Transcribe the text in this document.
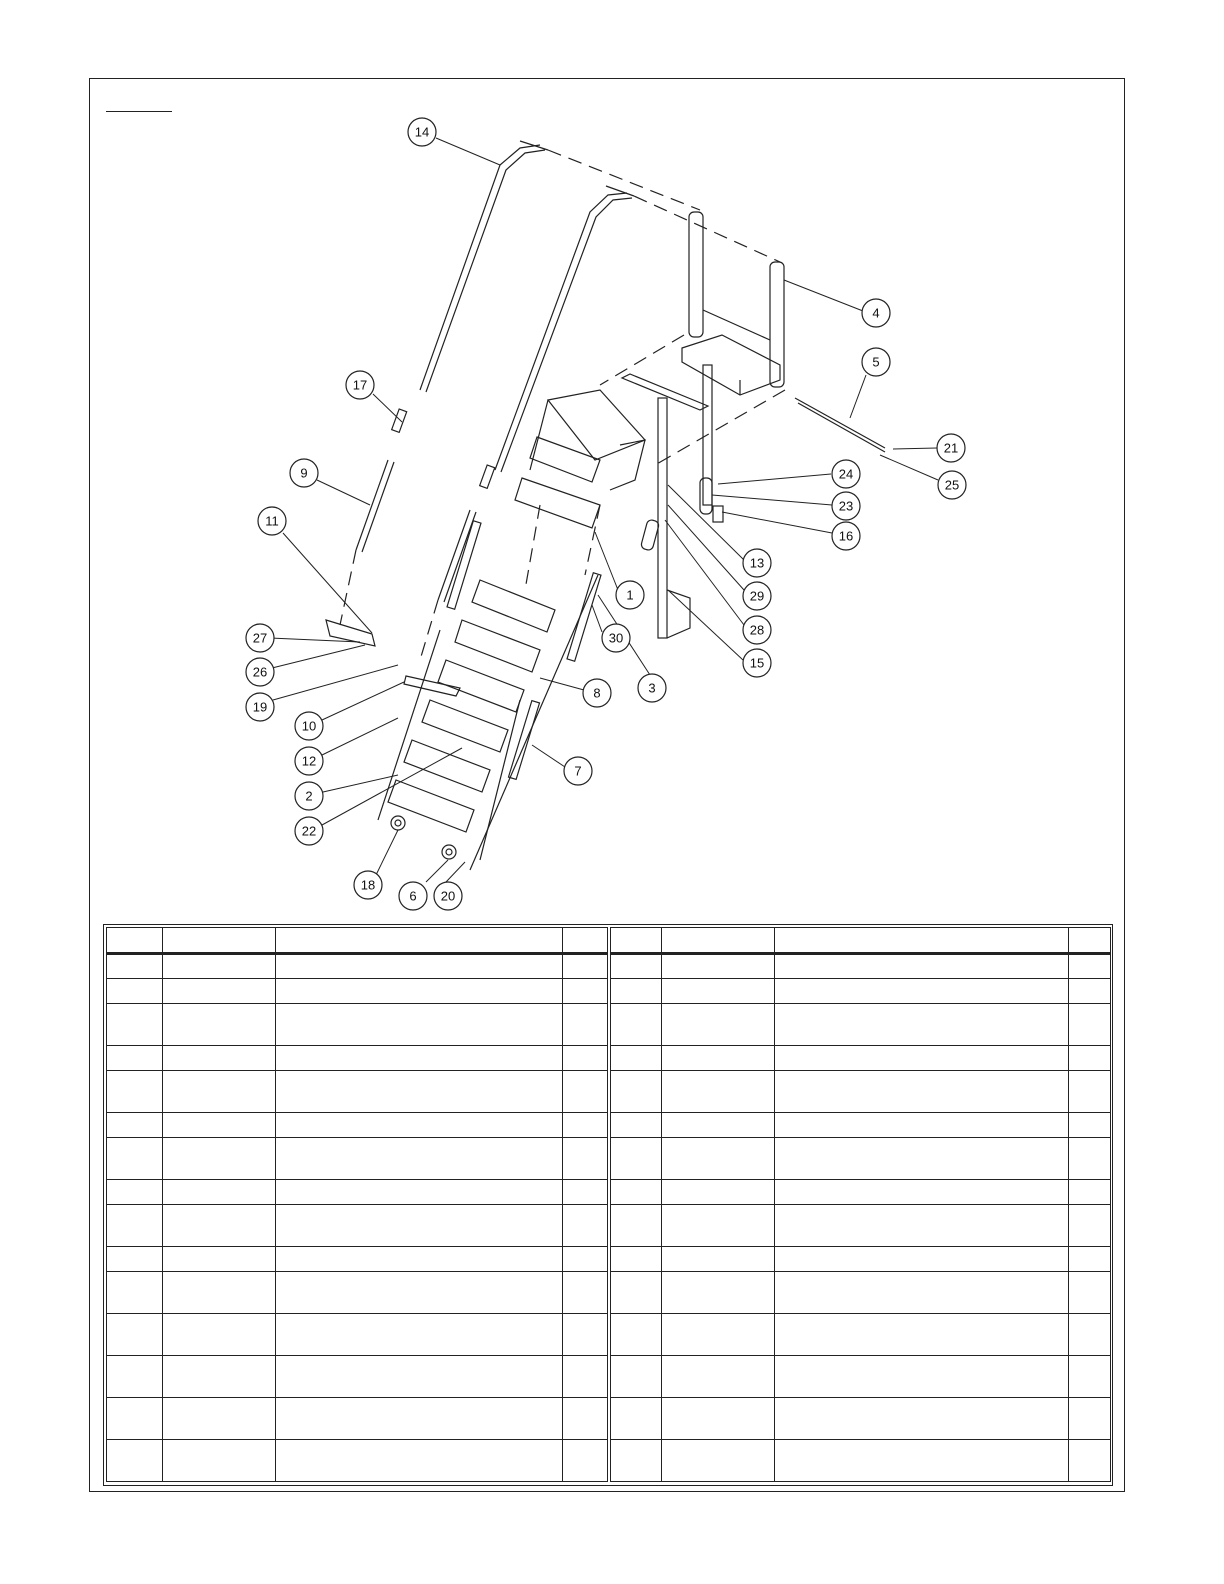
1
2
3
4
5
6
7
8
9
10
11
12
13
14
15
16
17
18
19
20
21
22
23
24
25
26
27
28
29
30
